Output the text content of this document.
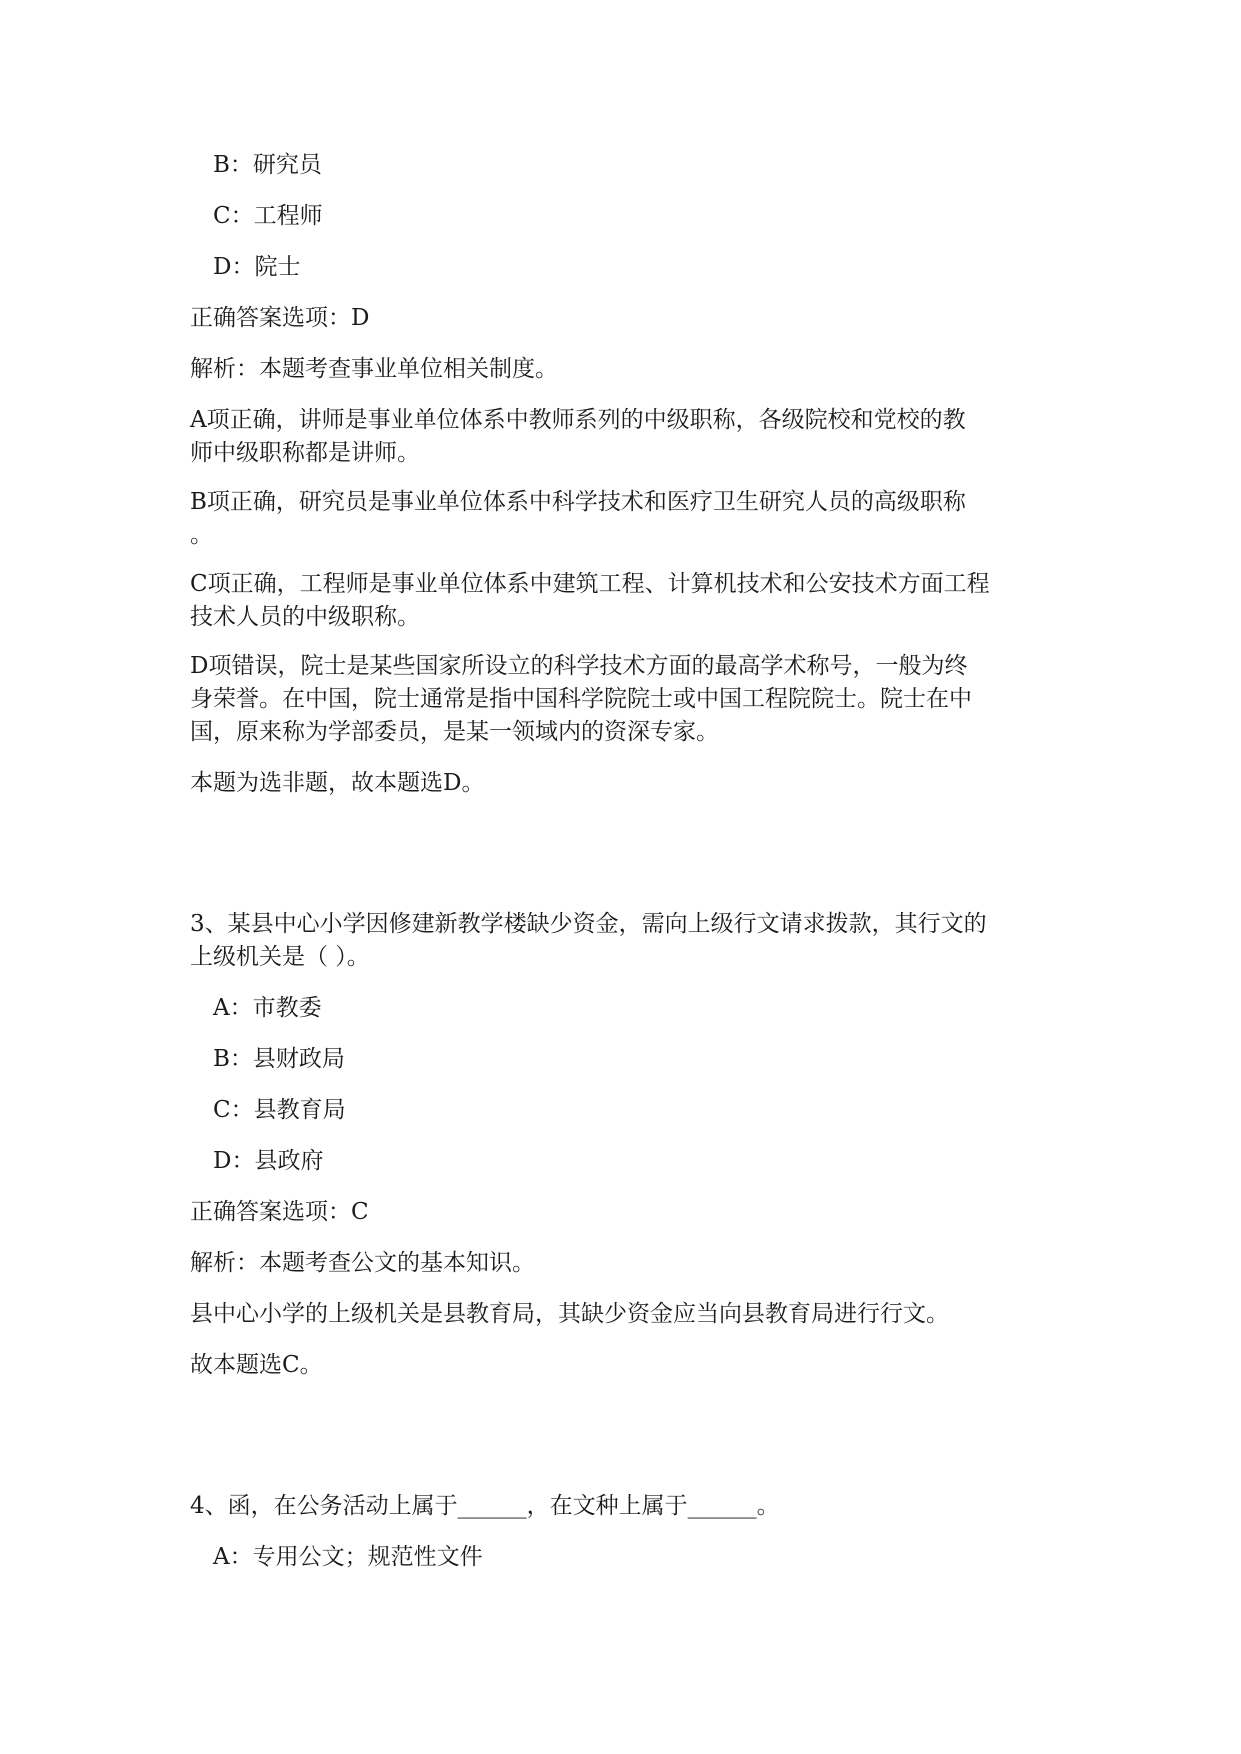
B：研究员

C：工程师

D：院士

正确答案选项：D

解析：本题考查事业单位相关制度。

A项正确，讲师是事业单位体系中教师系列的中级职称，各级院校和党校的教

师中级职称都是讲师。

B项正确，研究员是事业单位体系中科学技术和医疗卫生研究人员的高级职称

。

C项正确，工程师是事业单位体系中建筑工程、计算机技术和公安技术方面工程

技术人员的中级职称。

D项错误，院士是某些国家所设立的科学技术方面的最高学术称号，一般为终

身荣誉。在中国，院士通常是指中国科学院院士或中国工程院院士。院士在中

国，原来称为学部委员，是某一领域内的资深专家。

本题为选非题，故本题选D。

3、某县中心小学因修建新教学楼缺少资金，需向上级行文请求拨款，其行文的

上级机关是（ ）。

A：市教委

B：县财政局

C：县教育局

D：县政府

正确答案选项：C

解析：本题考查公文的基本知识。

县中心小学的上级机关是县教育局，其缺少资金应当向县教育局进行行文。

故本题选C。

4、函，在公务活动上属于______，在文种上属于______。

A：专用公文；规范性文件
